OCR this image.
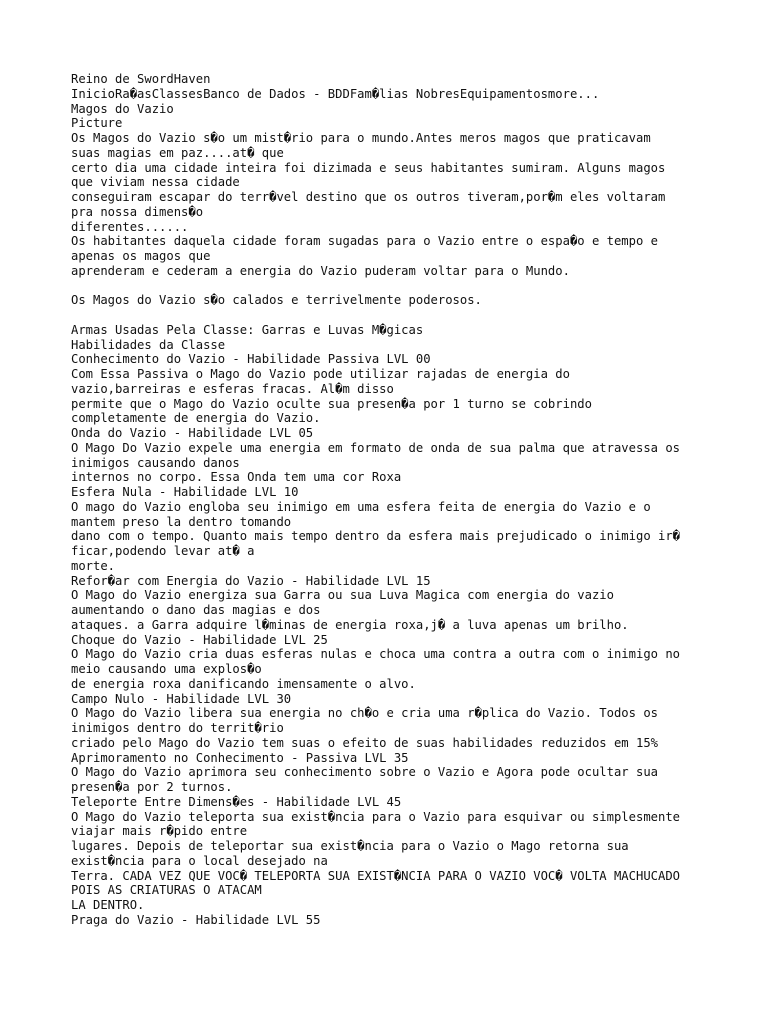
Reino de SwordHaven
InicioRa�asClassesBanco de Dados - BDDFam�lias NobresEquipamentosmore...
Magos do Vazio
Picture
Os Magos do Vazio s�o um mist�rio para o mundo.Antes meros magos que praticavam
suas magias em paz....at� que
certo dia uma cidade inteira foi dizimada e seus habitantes sumiram. Alguns magos
que viviam nessa cidade
conseguiram escapar do terr�vel destino que os outros tiveram,por�m eles voltaram
pra nossa dimens�o
diferentes......
Os habitantes daquela cidade foram sugadas para o Vazio entre o espa�o e tempo e
apenas os magos que
aprenderam e cederam a energia do Vazio puderam voltar para o Mundo.
Os Magos do Vazio s�o calados e terrivelmente poderosos.
Armas Usadas Pela Classe: Garras e Luvas M�gicas
Habilidades da Classe
Conhecimento do Vazio - Habilidade Passiva LVL 00
Com Essa Passiva o Mago do Vazio pode utilizar rajadas de energia do
vazio,barreiras e esferas fracas. Al�m disso
permite que o Mago do Vazio oculte sua presen�a por 1 turno se cobrindo
completamente de energia do Vazio.
Onda do Vazio - Habilidade LVL 05
O Mago Do Vazio expele uma energia em formato de onda de sua palma que atravessa os
inimigos causando danos
internos no corpo. Essa Onda tem uma cor Roxa
Esfera Nula - Habilidade LVL 10
O mago do Vazio engloba seu inimigo em uma esfera feita de energia do Vazio e o
mantem preso la dentro tomando
dano com o tempo. Quanto mais tempo dentro da esfera mais prejudicado o inimigo ir�
ficar,podendo levar at� a
morte.
Refor�ar com Energia do Vazio - Habilidade LVL 15
O Mago do Vazio energiza sua Garra ou sua Luva Magica com energia do vazio
aumentando o dano das magias e dos
ataques. a Garra adquire l�minas de energia roxa,j� a luva apenas um brilho.
Choque do Vazio - Habilidade LVL 25
O Mago do Vazio cria duas esferas nulas e choca uma contra a outra com o inimigo no
meio causando uma explos�o
de energia roxa danificando imensamente o alvo.
Campo Nulo - Habilidade LVL 30
O Mago do Vazio libera sua energia no ch�o e cria uma r�plica do Vazio. Todos os
inimigos dentro do territ�rio
criado pelo Mago do Vazio tem suas o efeito de suas habilidades reduzidos em 15%
Aprimoramento no Conhecimento - Passiva LVL 35
O Mago do Vazio aprimora seu conhecimento sobre o Vazio e Agora pode ocultar sua
presen�a por 2 turnos.
Teleporte Entre Dimens�es - Habilidade LVL 45
O Mago do Vazio teleporta sua exist�ncia para o Vazio para esquivar ou simplesmente
viajar mais r�pido entre
lugares. Depois de teleportar sua exist�ncia para o Vazio o Mago retorna sua
exist�ncia para o local desejado na
Terra. CADA VEZ QUE VOC� TELEPORTA SUA EXIST�NCIA PARA O VAZIO VOC� VOLTA MACHUCADO
POIS AS CRIATURAS O ATACAM
LA DENTRO.
Praga do Vazio - Habilidade LVL 55
